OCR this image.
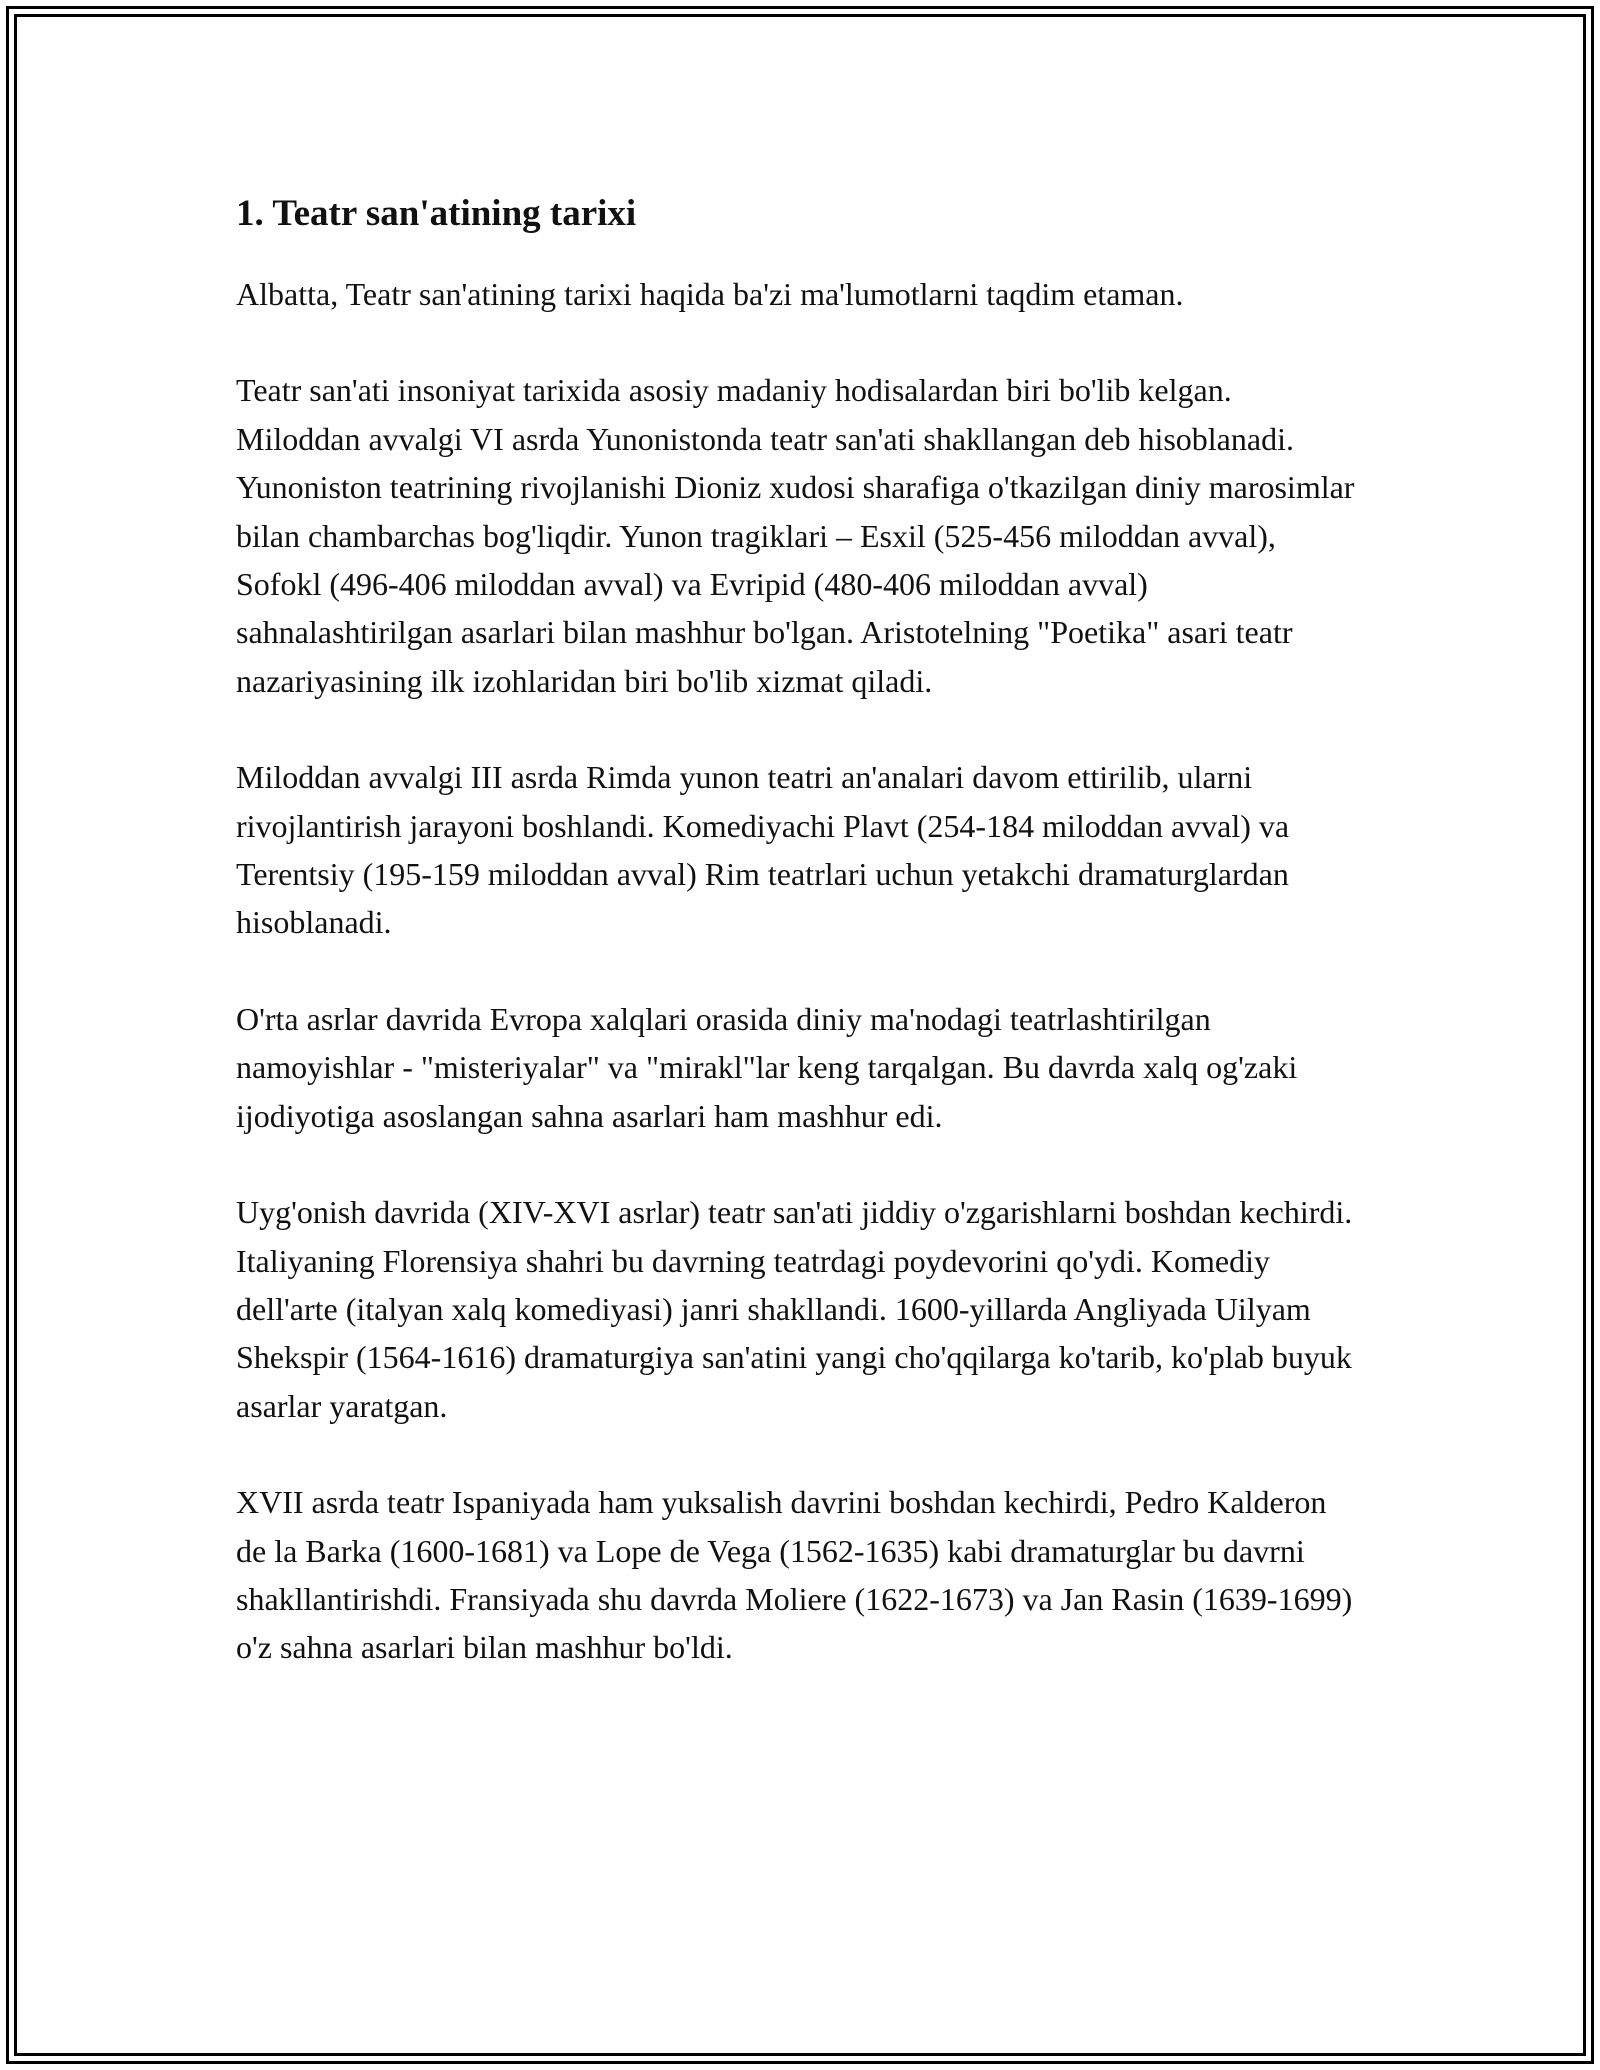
1. Teatr san'atining tarixi

Albatta, Teatr san'atining tarixi haqida ba'zi ma'lumotlarni taqdim etaman.

Teatr san'ati insoniyat tarixida asosiy madaniy hodisalardan biri bo'lib kelgan. Miloddan avvalgi VI asrda Yunonistonda teatr san'ati shakllangan deb hisoblanadi. Yunoniston teatrining rivojlanishi Dioniz xudosi sharafiga o'tkazilgan diniy marosimlar bilan chambarchas bog'liqdir. Yunon tragiklari – Esxil (525-456 miloddan avval), Sofokl (496-406 miloddan avval) va Evripid (480-406 miloddan avval) sahnalashtirilgan asarlari bilan mashhur bo'lgan. Aristotelning "Poetika" asari teatr nazariyasining ilk izohlaridan biri bo'lib xizmat qiladi.

Miloddan avvalgi III asrda Rimda yunon teatri an'analari davom ettirilib, ularni rivojlantirish jarayoni boshlandi. Komediyachi Plavt (254-184 miloddan avval) va Terentsiy (195-159 miloddan avval) Rim teatrlari uchun yetakchi dramaturglardan hisoblanadi.

O'rta asrlar davrida Evropa xalqlari orasida diniy ma'nodagi teatrlashtirilgan namoyishlar - "misteriyalar" va "mirakl"lar keng tarqalgan. Bu davrda xalq og'zaki ijodiyotiga asoslangan sahna asarlari ham mashhur edi.

Uyg'onish davrida (XIV-XVI asrlar) teatr san'ati jiddiy o'zgarishlarni boshdan kechirdi. Italiyaning Florensiya shahri bu davrning teatrdagi poydevorini qo'ydi. Komediy dell'arte (italyan xalq komediyasi) janri shakllandi. 1600-yillarda Angliyada Uilyam Shekspir (1564-1616) dramaturgiya san'atini yangi cho'qqilarga ko'tarib, ko'plab buyuk asarlar yaratgan.

XVII asrda teatr Ispaniyada ham yuksalish davrini boshdan kechirdi, Pedro Kalderon de la Barka (1600-1681) va Lope de Vega (1562-1635) kabi dramaturglar bu davrni shakllantirishdi. Fransiyada shu davrda Moliere (1622-1673) va Jan Rasin (1639-1699) o'z sahna asarlari bilan mashhur bo'ldi.
